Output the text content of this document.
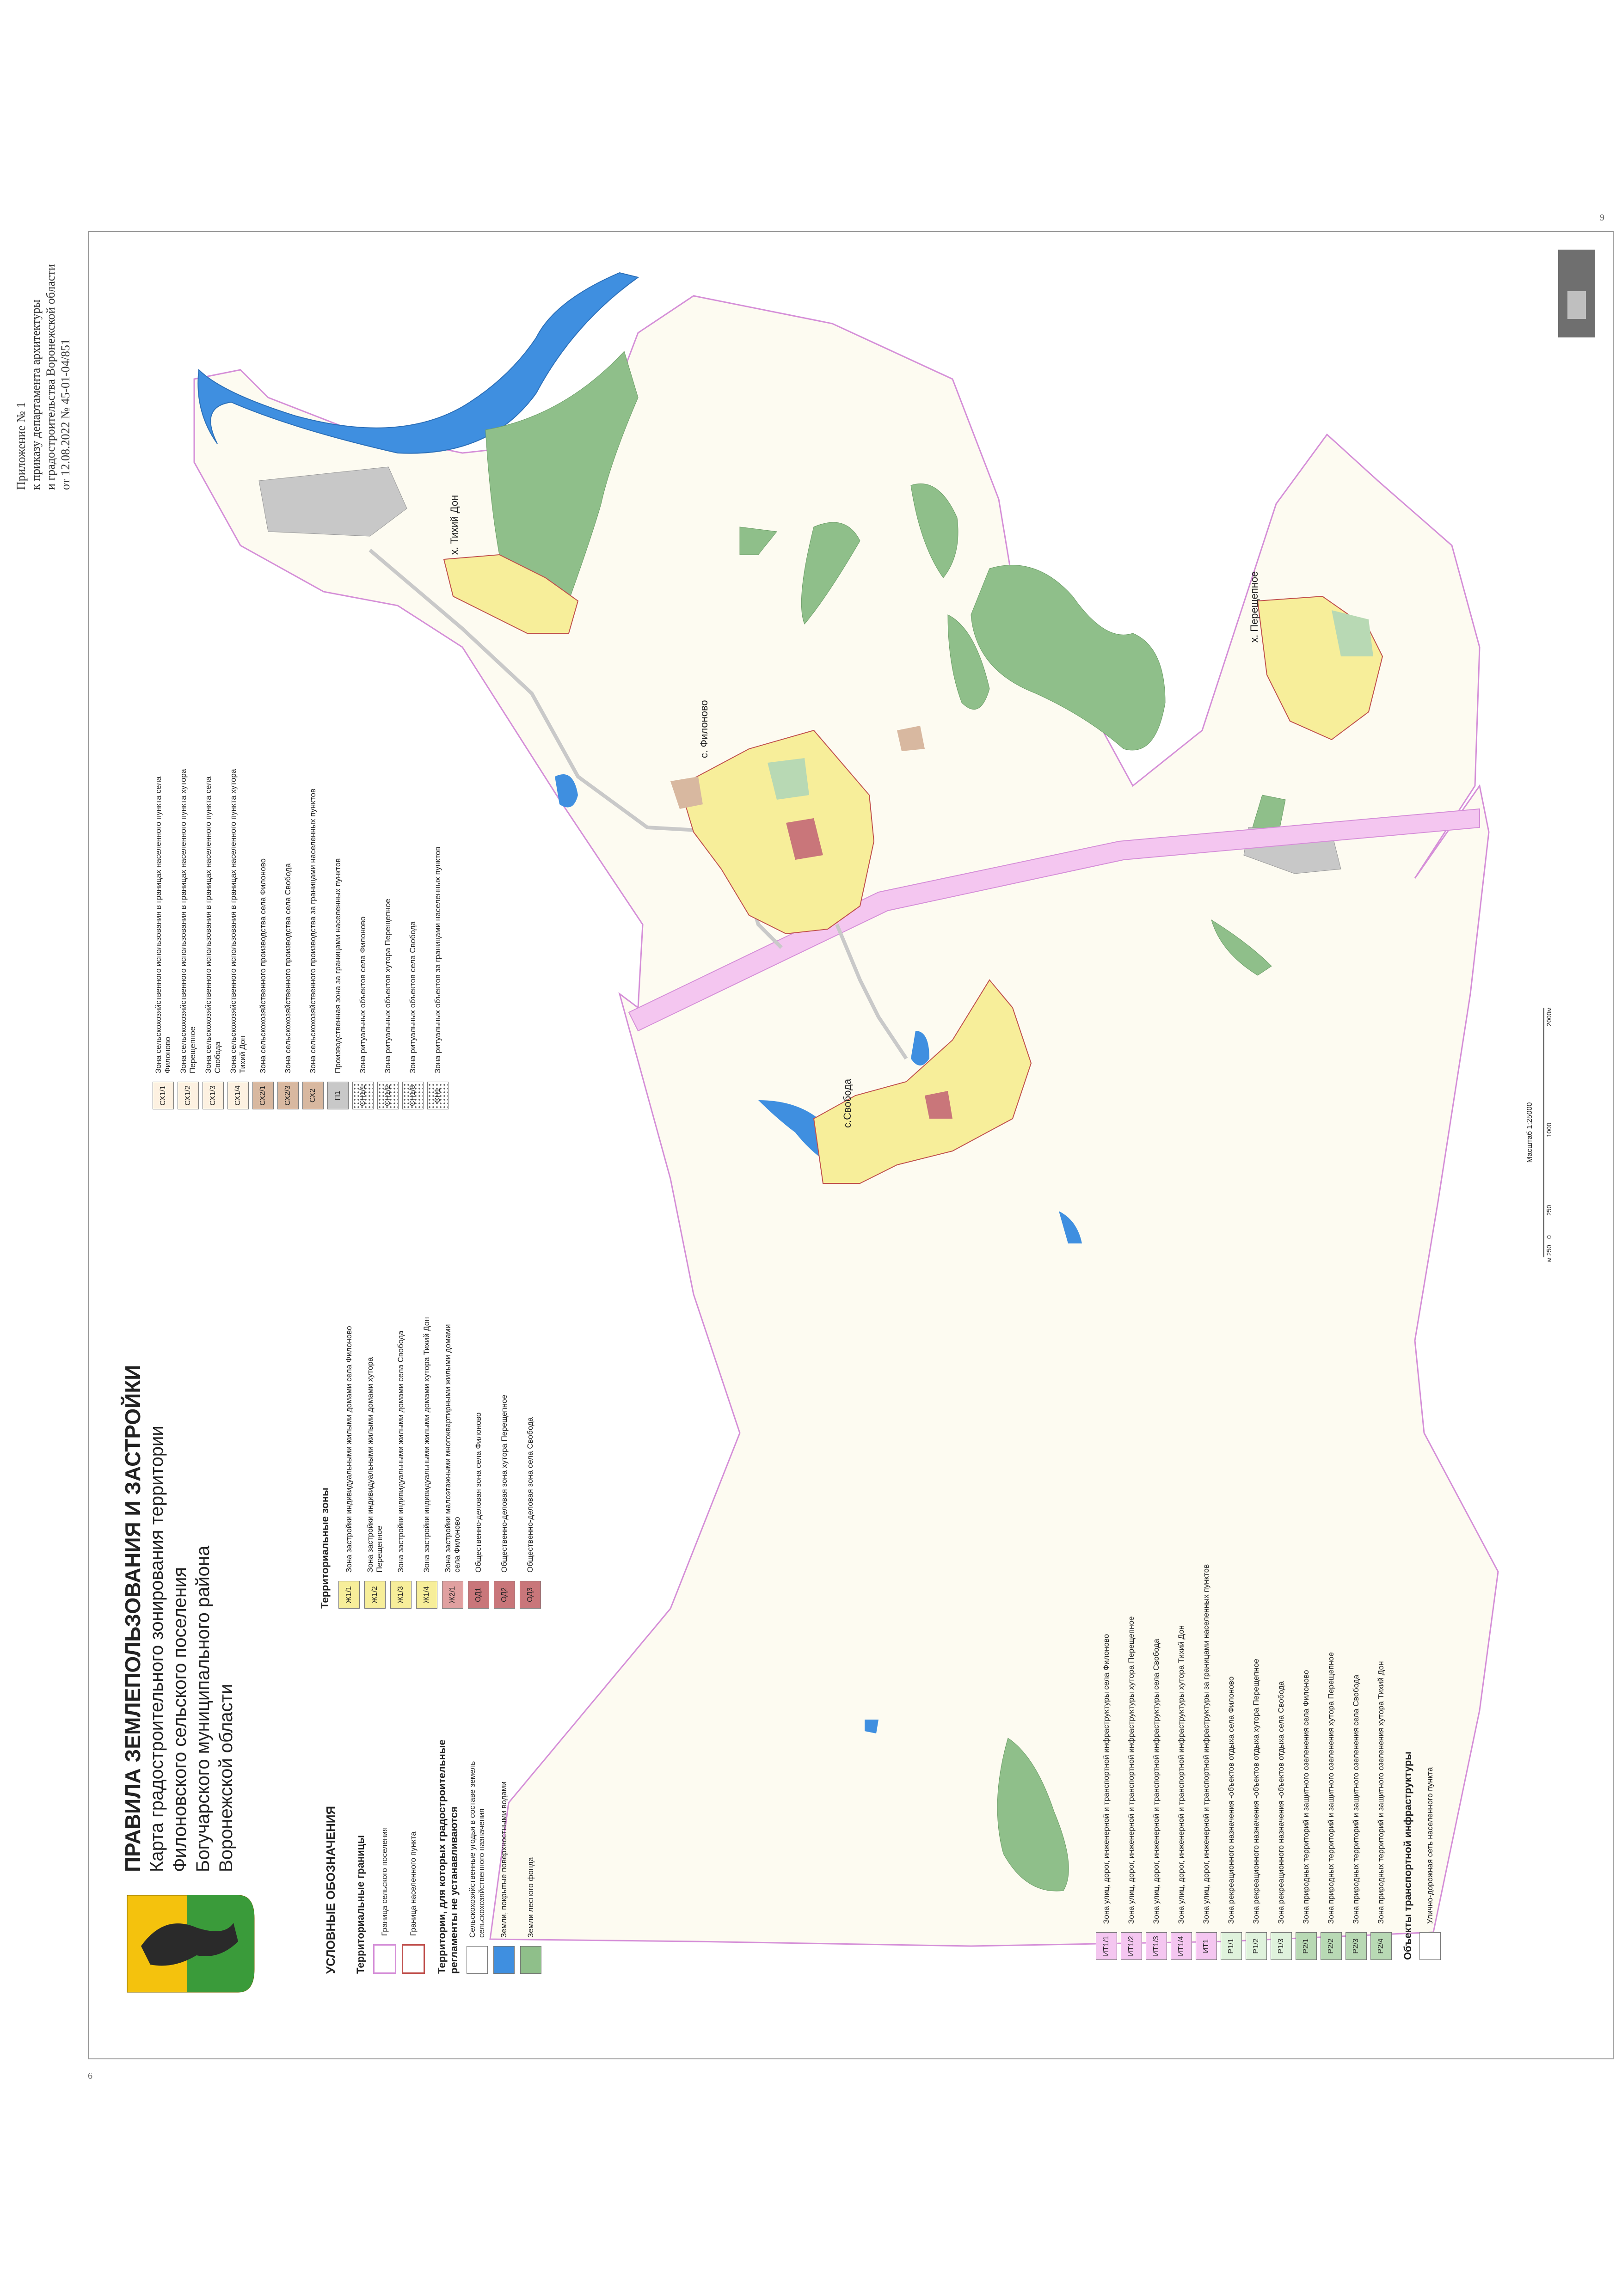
Приложение № 1 к приказу департамента архитектуры и градостроительства Воронежской области от 12.08.2022 № 45-01-04/851
6
9
х. Тихий Дон
с. Филоново
х. Перещепное
с.Свобода
ПРАВИЛА ЗЕМЛЕПОЛЬЗОВАНИЯ И ЗАСТРОЙКИ Карта градостроительного зонирования территории Филоновского сельского поселения Богучарского муниципального района Воронежской области
УСЛОВНЫЕ ОБОЗНАЧЕНИЯ Территориальные границы Граница сельского поселения	Граница населенного пункта Территории, для которых градостроительные регламенты не устанавливаются Сельскохозяйственные угодья в составе земель сельскохозяйственного назначения Земли, покрытые поверхностными водами Земли лесного фонда
Территориальные зоны	Ж1/1
Зона застройки индивидуальными жилыми домами села Филоново
Ж1/2
Зона застройки индивидуальными жилыми домами хутора Перещепное
Ж1/3
Зона застройки индивидуальными жилыми домами села Свобода
Ж1/4
Зона застройки индивидуальными жилыми домами хутора Тихий Дон
Ж2/1
Зона застройки малоэтажными многоквартирными жилыми домами села Филоново
ОД1
Общественно-деловая зона села Филоново
ОД2
Общественно-деловая зона хутора Перещепное
ОД3
Общественно-деловая зона села Свобода
СХ1/1
Зона сельскохозяйственного использования в границах населенного пункта села Филоново
СХ1/2
Зона сельскохозяйственного использования в границах населенного пункта хутора Перещепное
СХ1/3
Зона сельскохозяйственного использования в границах населенного пункта села Свобода
СХ1/4
Зона сельскохозяйственного использования в границах населенного пункта хутора Тихий Дон
СХ2/1
Зона сельскохозяйственного производства села Филоново
СХ2/3
Зона сельскохозяйственного производства села Свобода
СХ2
Зона сельскохозяйственного производства за границами населенных пунктов
П1
Производственная зона за границами населенных пунктов
СН1/1
Зона ритуальных объектов села Филоново
СН1/2
Зона ритуальных объектов хутора Перещепное
СН1/3
Зона ритуальных объектов села Свобода
СН1
Зона ритуальных объектов за границами населенных пунктов
ИТ1/1
Зона улиц, дорог, инженерной и транспортной инфраструктуры села Филоново
ИТ1/2
Зона улиц, дорог, инженерной и транспортной инфраструктуры хутора Перещепное
ИТ1/3
Зона улиц, дорог, инженерной и транспортной инфраструктуры села Свобода
ИТ1/4
Зона улиц, дорог, инженерной и транспортной инфраструктуры хутора Тихий Дон
ИТ1
Зона улиц, дорог, инженерной и транспортной инфраструктуры за границами населенных пунктов
Р1/1
Зона рекреационного назначения -объектов отдыха села Филоново
Р1/2
Зона рекреационного назначения -объектов отдыха хутора Перещепное
Р1/3
Зона рекреационного назначения -объектов отдыха села Свобода
Р2/1
Зона природных территорий и защитного озеленения села Филоново
Р2/2
Зона природных территорий и защитного озеленения хутора Перещепное
Р2/3
Зона природных территорий и защитного озеленения села Свобода
Р2/4
Зона природных территорий и защитного озеленения хутора Тихий Дон Объекты транспортной инфраструктуры Улично-дорожная сеть населенного пункта
Масштаб 1:25000
м 250
0
250
1000
2000м
